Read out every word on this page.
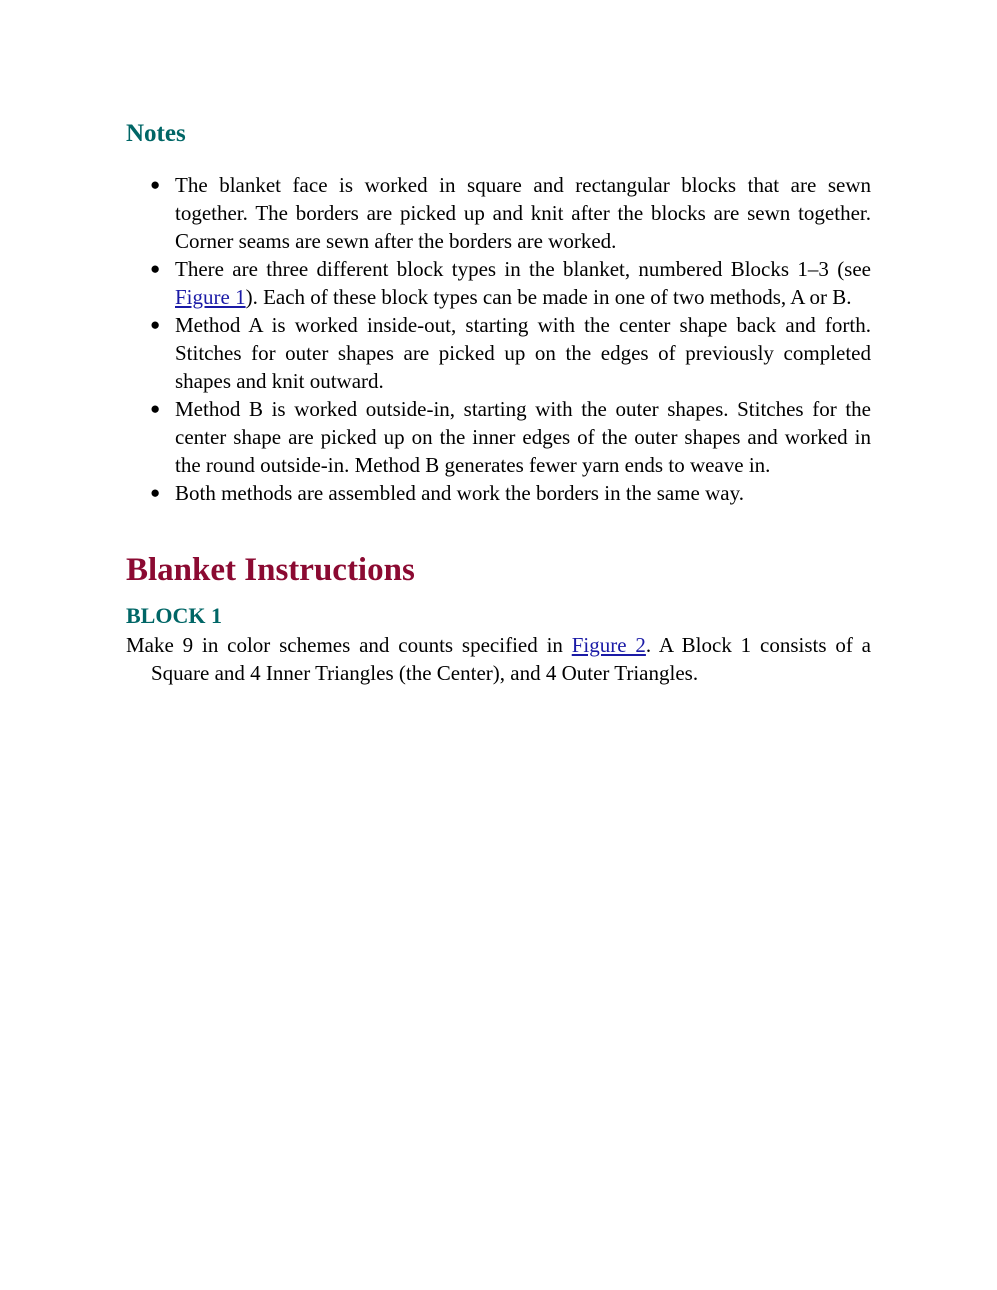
Notes
● The blanket face is worked in square and rectangular blocks that are sewn together. The borders are picked up and knit after the blocks are sewn together. Corner seams are sewn after the borders are worked.
● There are three different block types in the blanket, numbered Blocks 1–3 (see Figure 1). Each of these block types can be made in one of two methods, A or B.
● Method A is worked inside-out, starting with the center shape back and forth. Stitches for outer shapes are picked up on the edges of previously completed shapes and knit outward.
● Method B is worked outside-in, starting with the outer shapes. Stitches for the center shape are picked up on the inner edges of the outer shapes and worked in the round outside-in. Method B generates fewer yarn ends to weave in.
● Both methods are assembled and work the borders in the same way.
Blanket Instructions
BLOCK 1

Make 9 in color schemes and counts specified in Figure 2. A Block 1 consists of a Square and 4 Inner Triangles (the Center), and 4 Outer Triangles.
